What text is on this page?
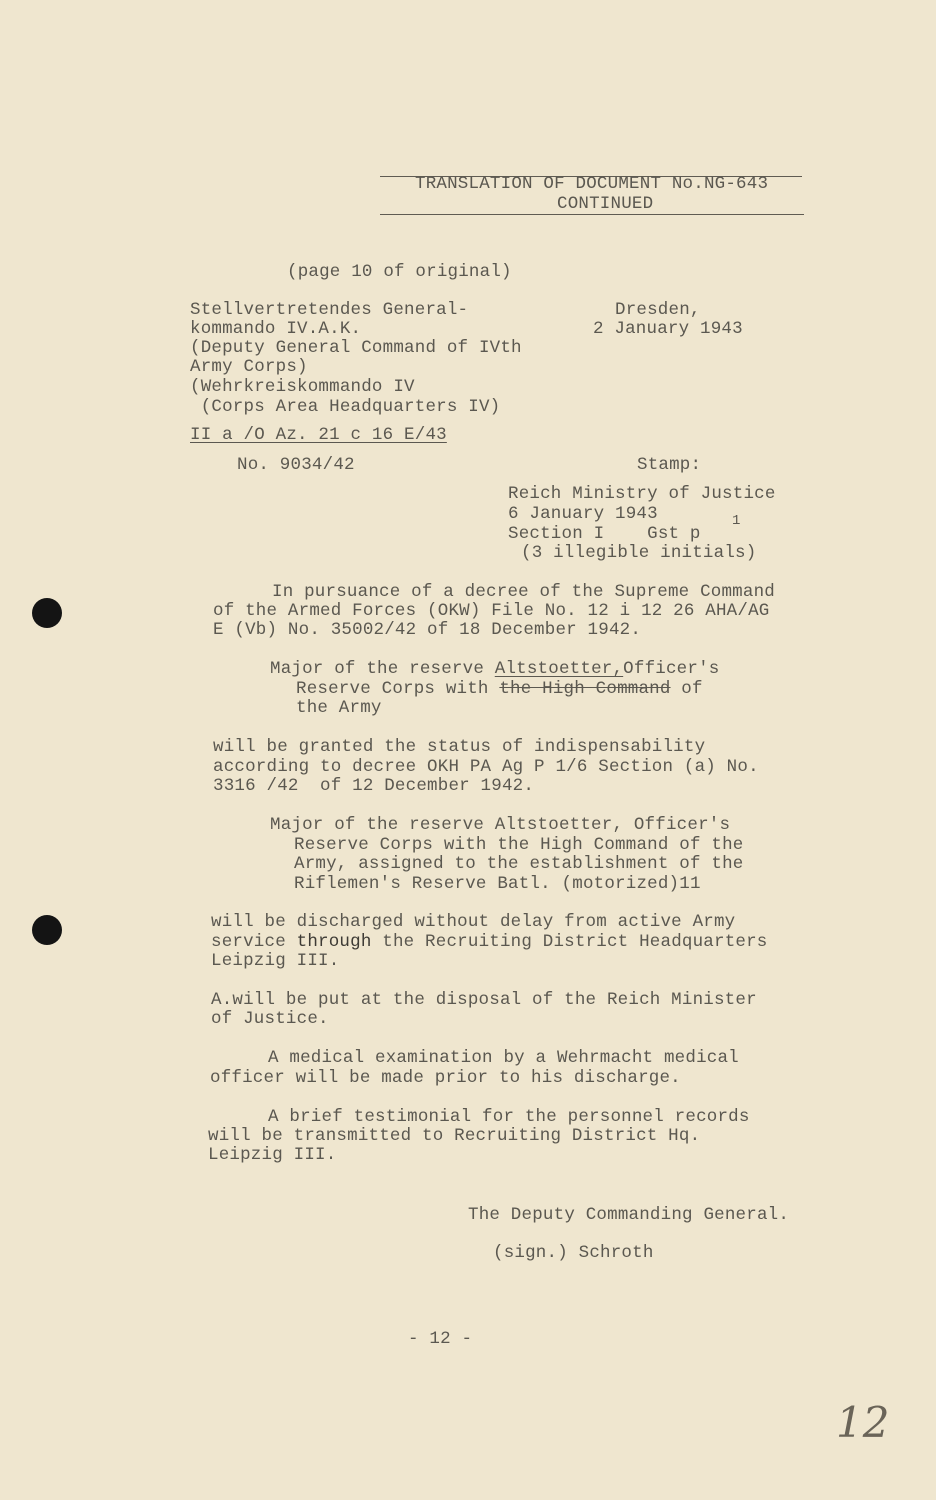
TRANSLATION OF DOCUMENT No.NG-643
CONTINUED
(page 10 of original)
Stellvertretendes General-
kommando IV.A.K.
(Deputy General Command of IVth
Army Corps)
(Wehrkreiskommando IV
(Corps Area Headquarters IV)
Dresden,
2 January 1943
II a /O Az. 21 c 16 E/43
No. 9034/42	Stamp:
Reich Ministry of Justice
6 January 1943
Section I    Gst p
1
(3 illegible initials)
In pursuance of a decree of the Supreme Command
of the Armed Forces (OKW) File No. 12 i 12 26 AHA/AG
E (Vb) No. 35002/42 of 18 December 1942.
Major of the reserve Altstoetter,Officer's
Reserve Corps with the High Command of
the Army
will be granted the status of indispensability
according to decree OKH PA Ag P 1/6 Section (a) No.
3316 /42  of 12 December 1942.
Major of the reserve Altstoetter, Officer's
Reserve Corps with the High Command of the
Army, assigned to the establishment of the
Riflemen's Reserve Batl. (motorized)11
will be discharged without delay from active Army
service through the Recruiting District Headquarters
Leipzig III.
A.will be put at the disposal of the Reich Minister
of Justice.
A medical examination by a Wehrmacht medical
officer will be made prior to his discharge.
A brief testimonial for the personnel records
will be transmitted to Recruiting District Hq.
Leipzig III.
The Deputy Commanding General.
(sign.) Schroth
- 12 -
12
